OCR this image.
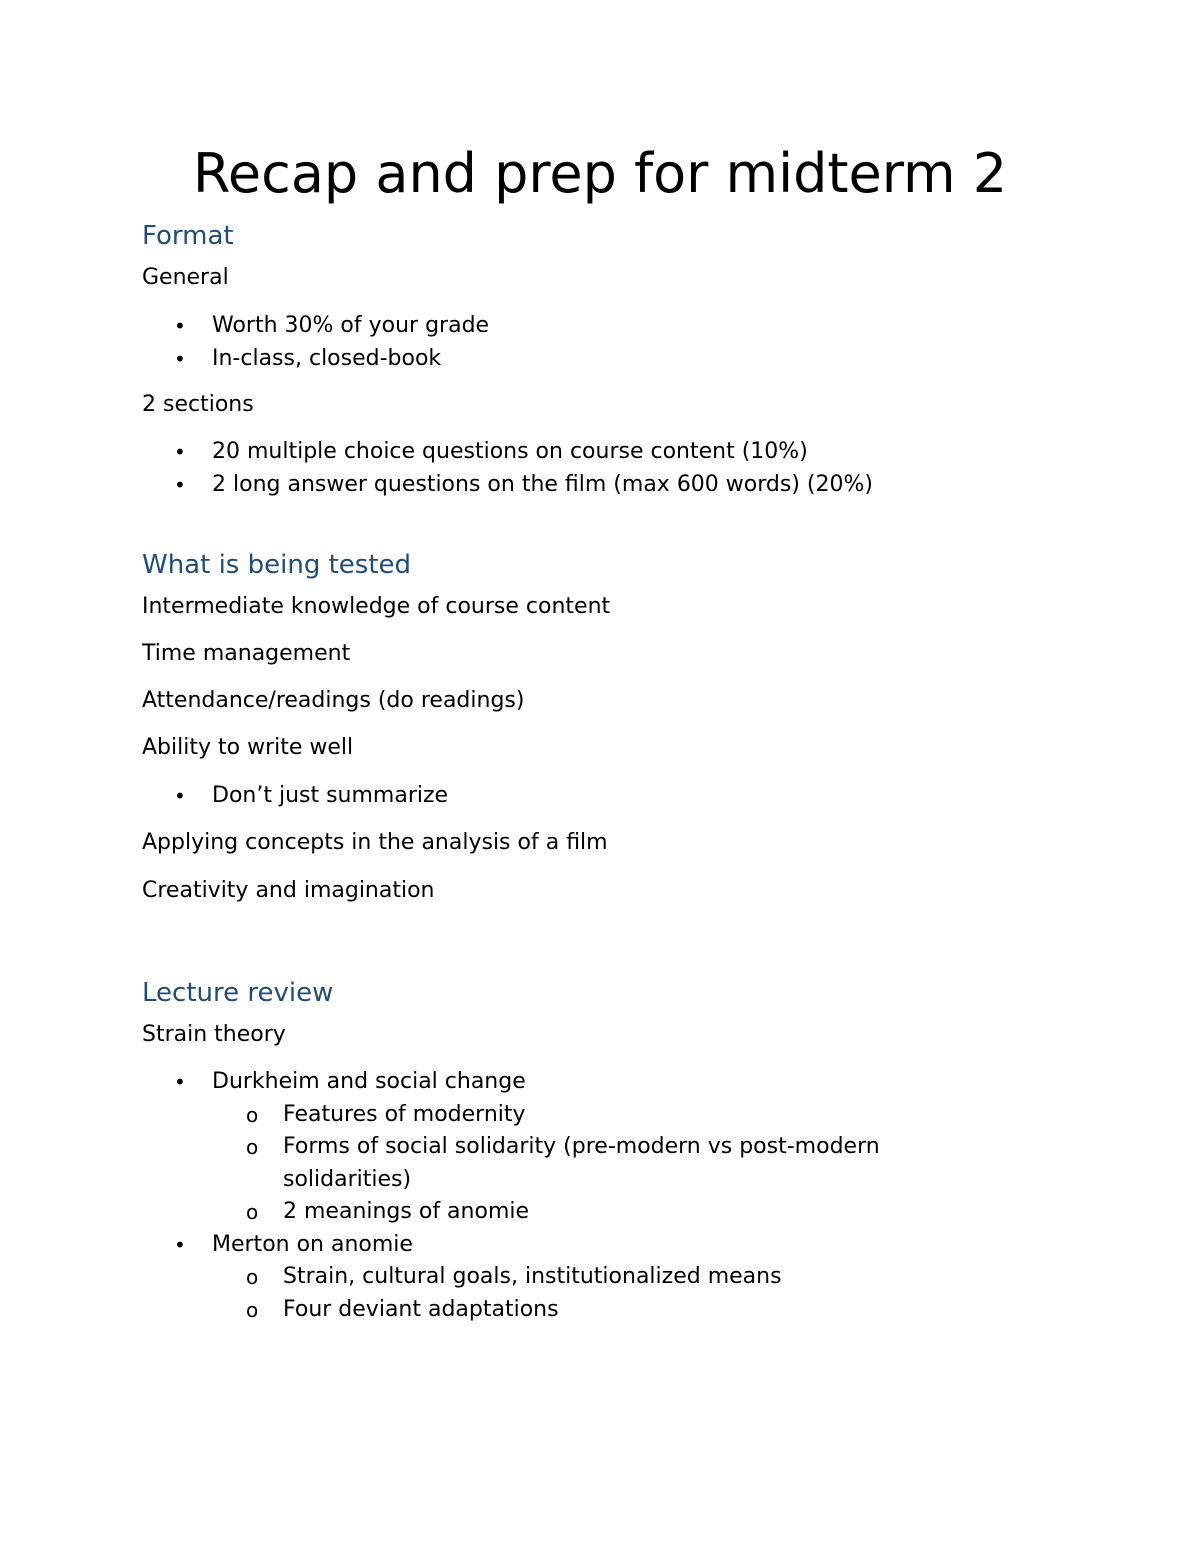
Recap and prep for midterm 2
Format

General

• Worth 30% of your grade
• In-class, closed-book

2 sections

• 20 multiple choice questions on course content (10%)
• 2 long answer questions on the film (max 600 words) (20%)
What is being tested

Intermediate knowledge of course content

Time management

Attendance/readings (do readings)

Ability to write well

• Don’t just summarize

Applying concepts in the analysis of a film

Creativity and imagination

Lecture review

Strain theory

• Durkheim and social change
o Features of modernity
o Forms of social solidarity (pre-modern vs post-modern solidarities)
o 2 meanings of anomie
• Merton on anomie
o Strain, cultural goals, institutionalized means
o Four deviant adaptations
